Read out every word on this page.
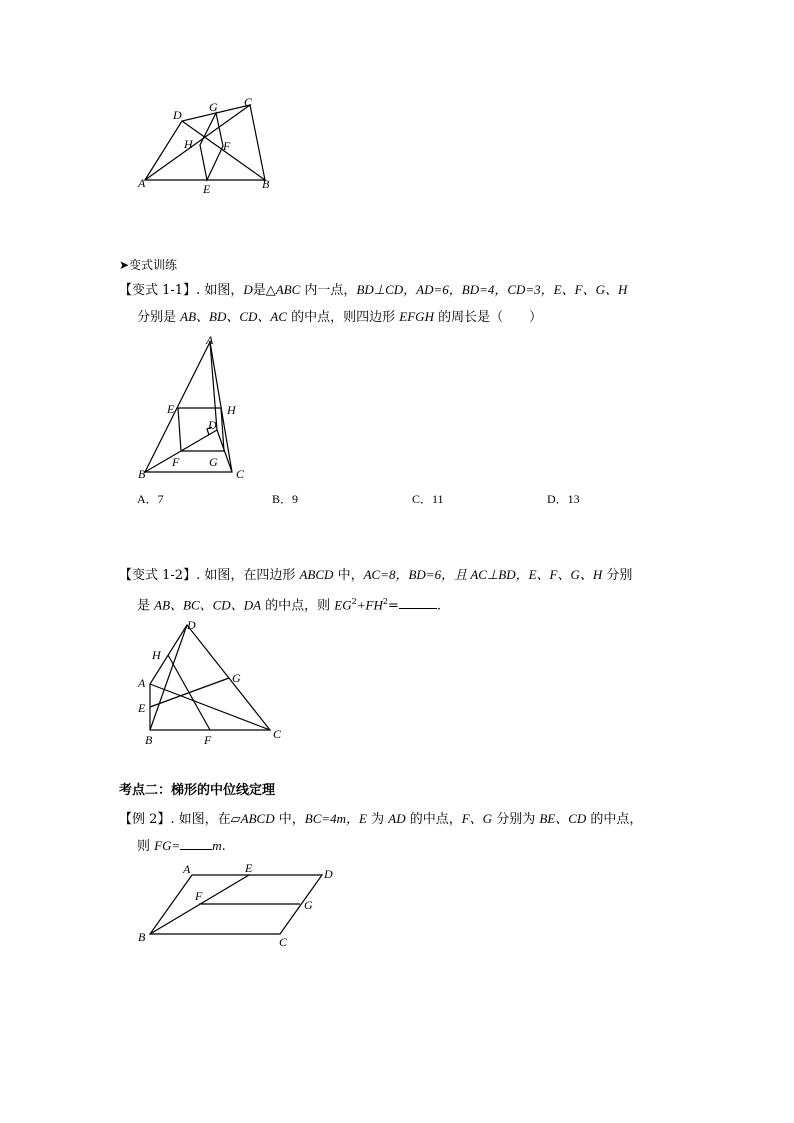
D
G C
H	F
A	E	B
➤变式训练
【变式 1-1】. 如图，D是△ABC 内一点，BD⊥CD，AD=6，BD=4，CD=3，E、F、G、H
分别是 AB、BD、CD、AC 的中点，则四边形 EFGH 的周长是（　　）
A
E	H
D
F G
B	C
A．7	B．9	C．11	D．13
【变式 1-2】. 如图，在四边形 ABCD 中，AC=8，BD=6，且 AC⊥BD，E、F、G、H 分别
是 AB、BC、CD、DA 的中点，则 $EG^2+FH^2=$	.
D
H
G
A
E
B	F	C
考点二：梯形的中位线定理
【例 2】. 如图，在▱ABCD 中，BC=4m，E 为 AD 的中点，F、G 分别为 BE、CD 的中点，
则 FG= m.
A	E	D
F
G
B	C
